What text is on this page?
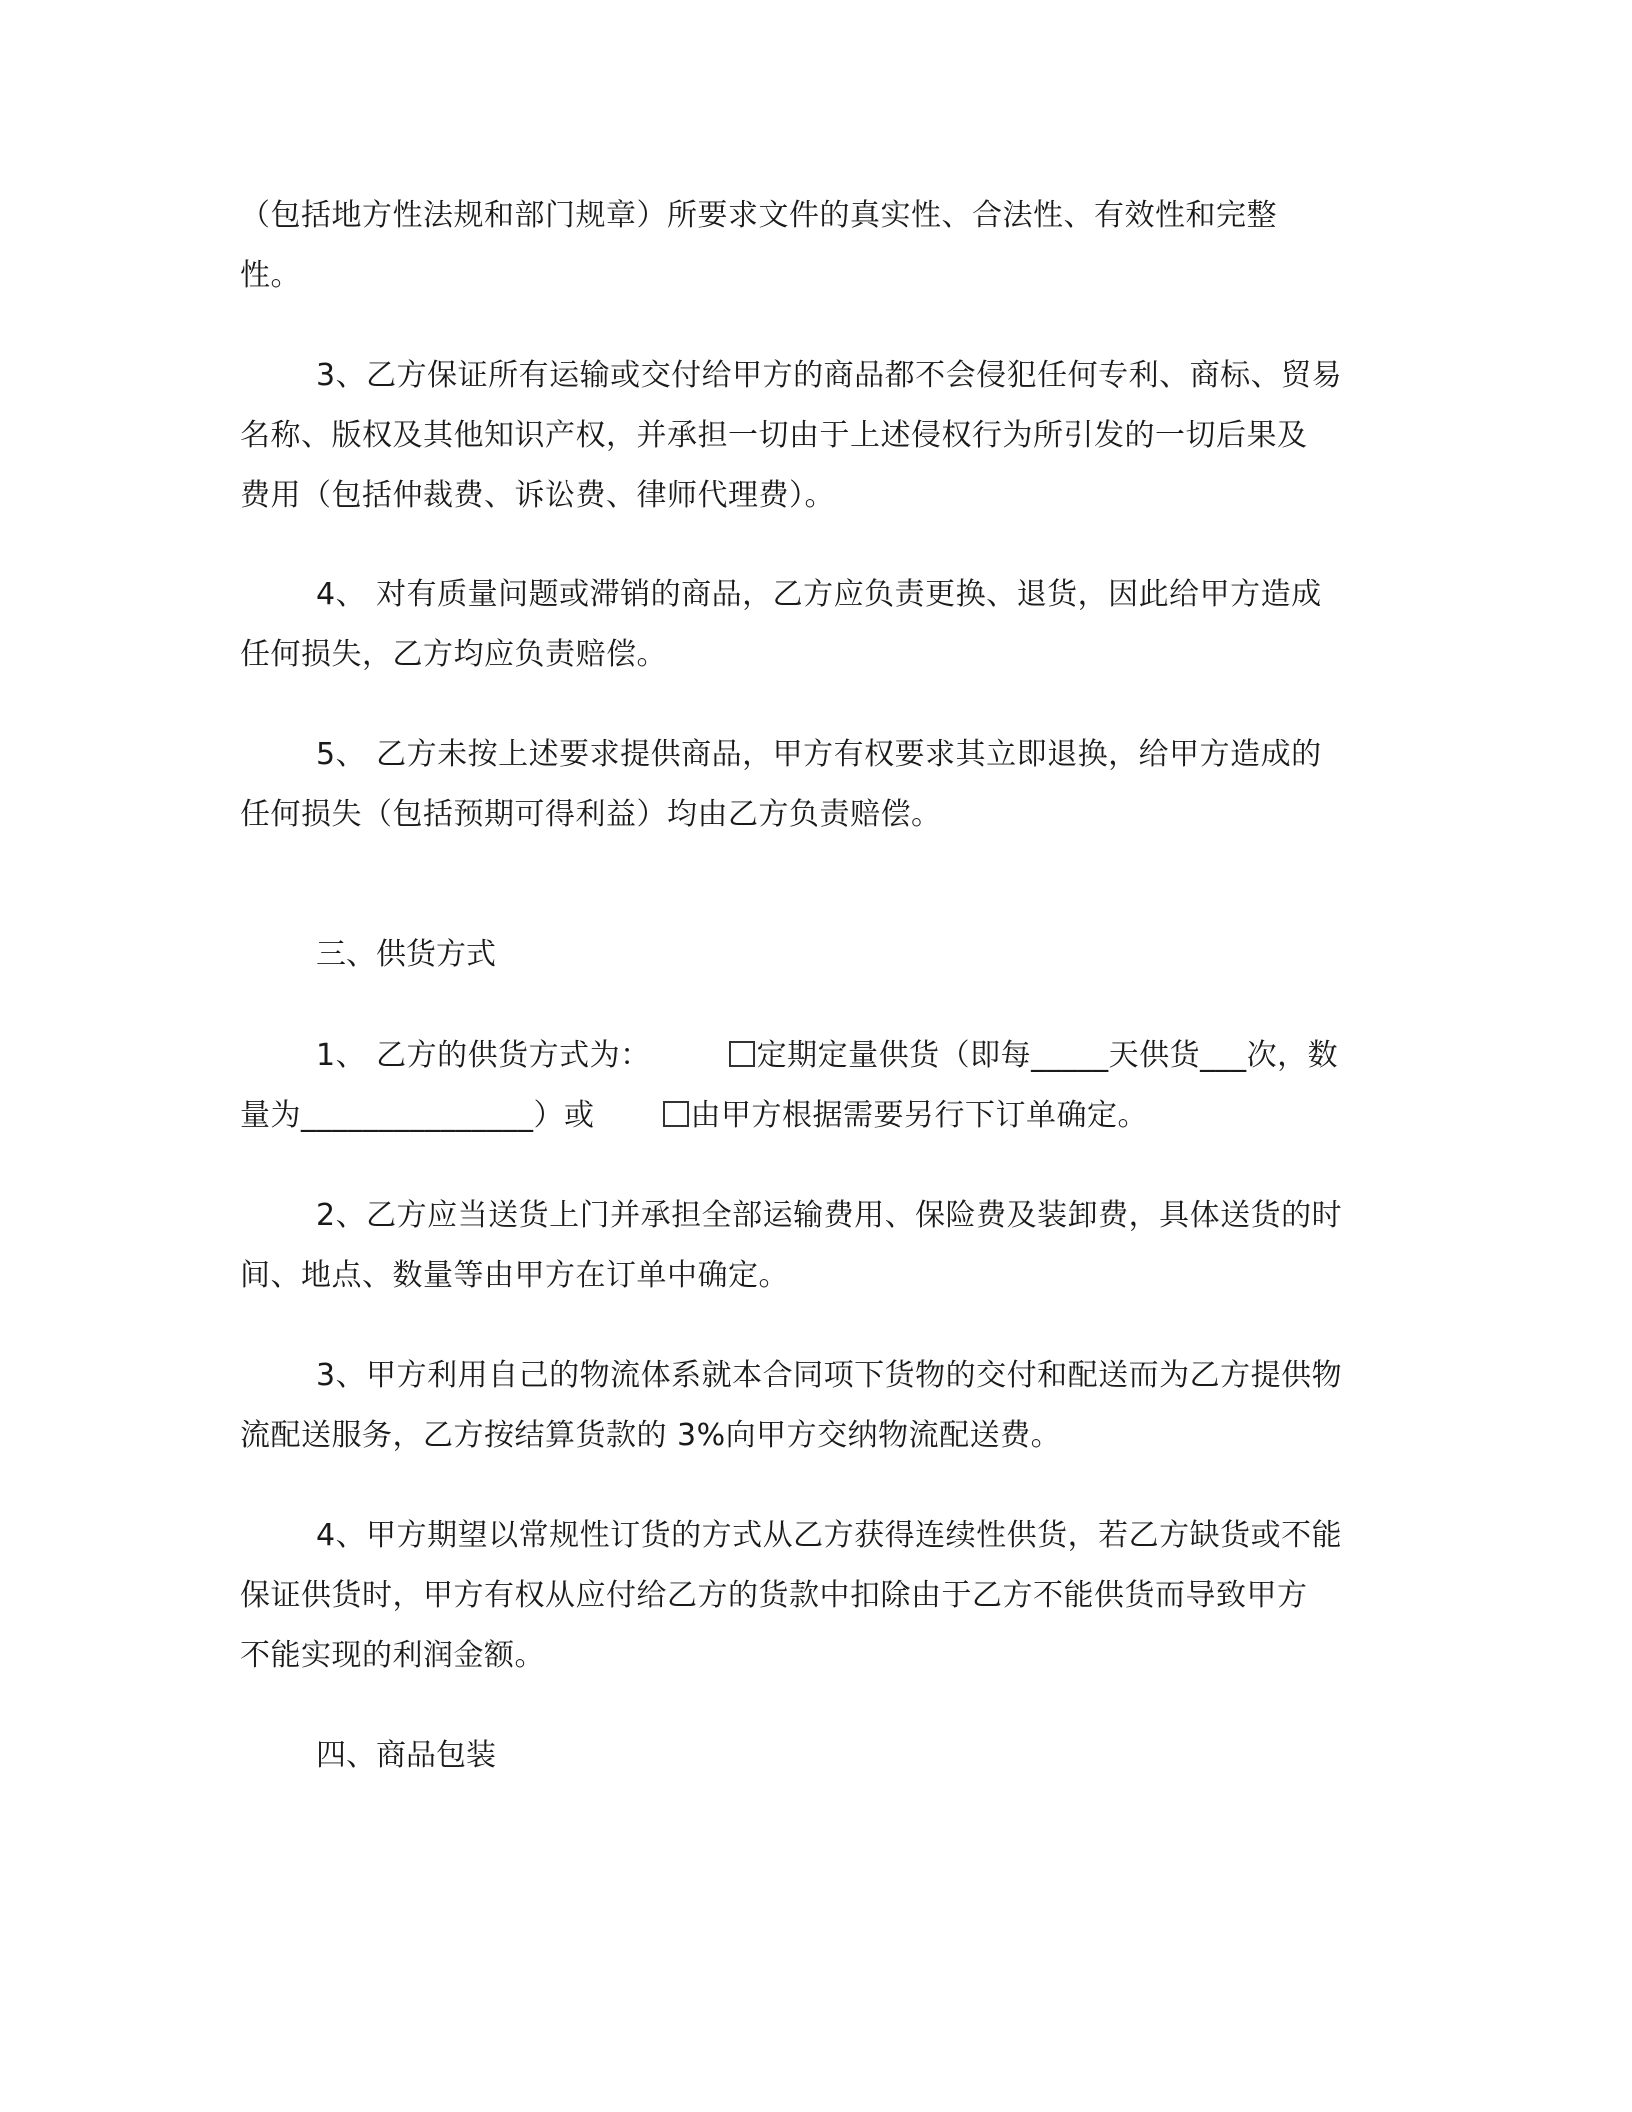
（包括地方性法规和部门规章）所要求文件的真实性、合法性、有效性和完整
性。
3、乙方保证所有运输或交付给甲方的商品都不会侵犯任何专利、商标、贸易
名称、版权及其他知识产权，并承担一切由于上述侵权行为所引发的一切后果及
费用（包括仲裁费、诉讼费、律师代理费）。
4、 对有质量问题或滞销的商品，乙方应负责更换、退货，因此给甲方造成
任何损失，乙方均应负责赔偿。
5、 乙方未按上述要求提供商品，甲方有权要求其立即退换，给甲方造成的
任何损失（包括预期可得利益）均由乙方负责赔偿。
三、供货方式
1、 乙方的供货方式为：	定期定量供货（即每_____天供货___次，数
量为_______________）或	由甲方根据需要另行下订单确定。
2、乙方应当送货上门并承担全部运输费用、保险费及装卸费，具体送货的时
间、地点、数量等由甲方在订单中确定。
3、甲方利用自己的物流体系就本合同项下货物的交付和配送而为乙方提供物
流配送服务，乙方按结算货款的 3%向甲方交纳物流配送费。
4、甲方期望以常规性订货的方式从乙方获得连续性供货，若乙方缺货或不能
保证供货时，甲方有权从应付给乙方的货款中扣除由于乙方不能供货而导致甲方
不能实现的利润金额。
四、商品包装
